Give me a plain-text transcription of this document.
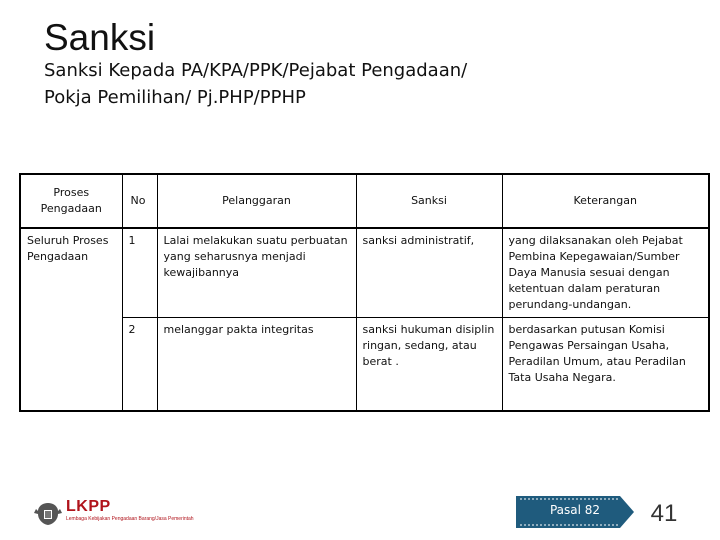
Sanksi
Sanksi Kepada PA/KPA/PPK/Pejabat Pengadaan/
Pokja Pemilihan/ Pj.PHP/PPHP
Proses Pengadaan	No	Pelanggaran	Sanksi	Keterangan
Seluruh Proses Pengadaan	1	Lalai melakukan suatu perbuatan yang seharusnya menjadi kewajibannya	sanksi administratif,	yang dilaksanakan oleh Pejabat Pembina Kepegawaian/Sumber Daya Manusia sesuai dengan ketentuan dalam peraturan perundang-undangan.
	2	melanggar pakta integritas	sanksi hukuman disiplin ringan, sedang, atau berat .	berdasarkan putusan Komisi Pengawas Persaingan Usaha, Peradilan Umum, atau Peradilan Tata Usaha Negara.
LKPP
Lembaga Kebijakan Pengadaan Barang/Jasa Pemerintah
Pasal 82	41
